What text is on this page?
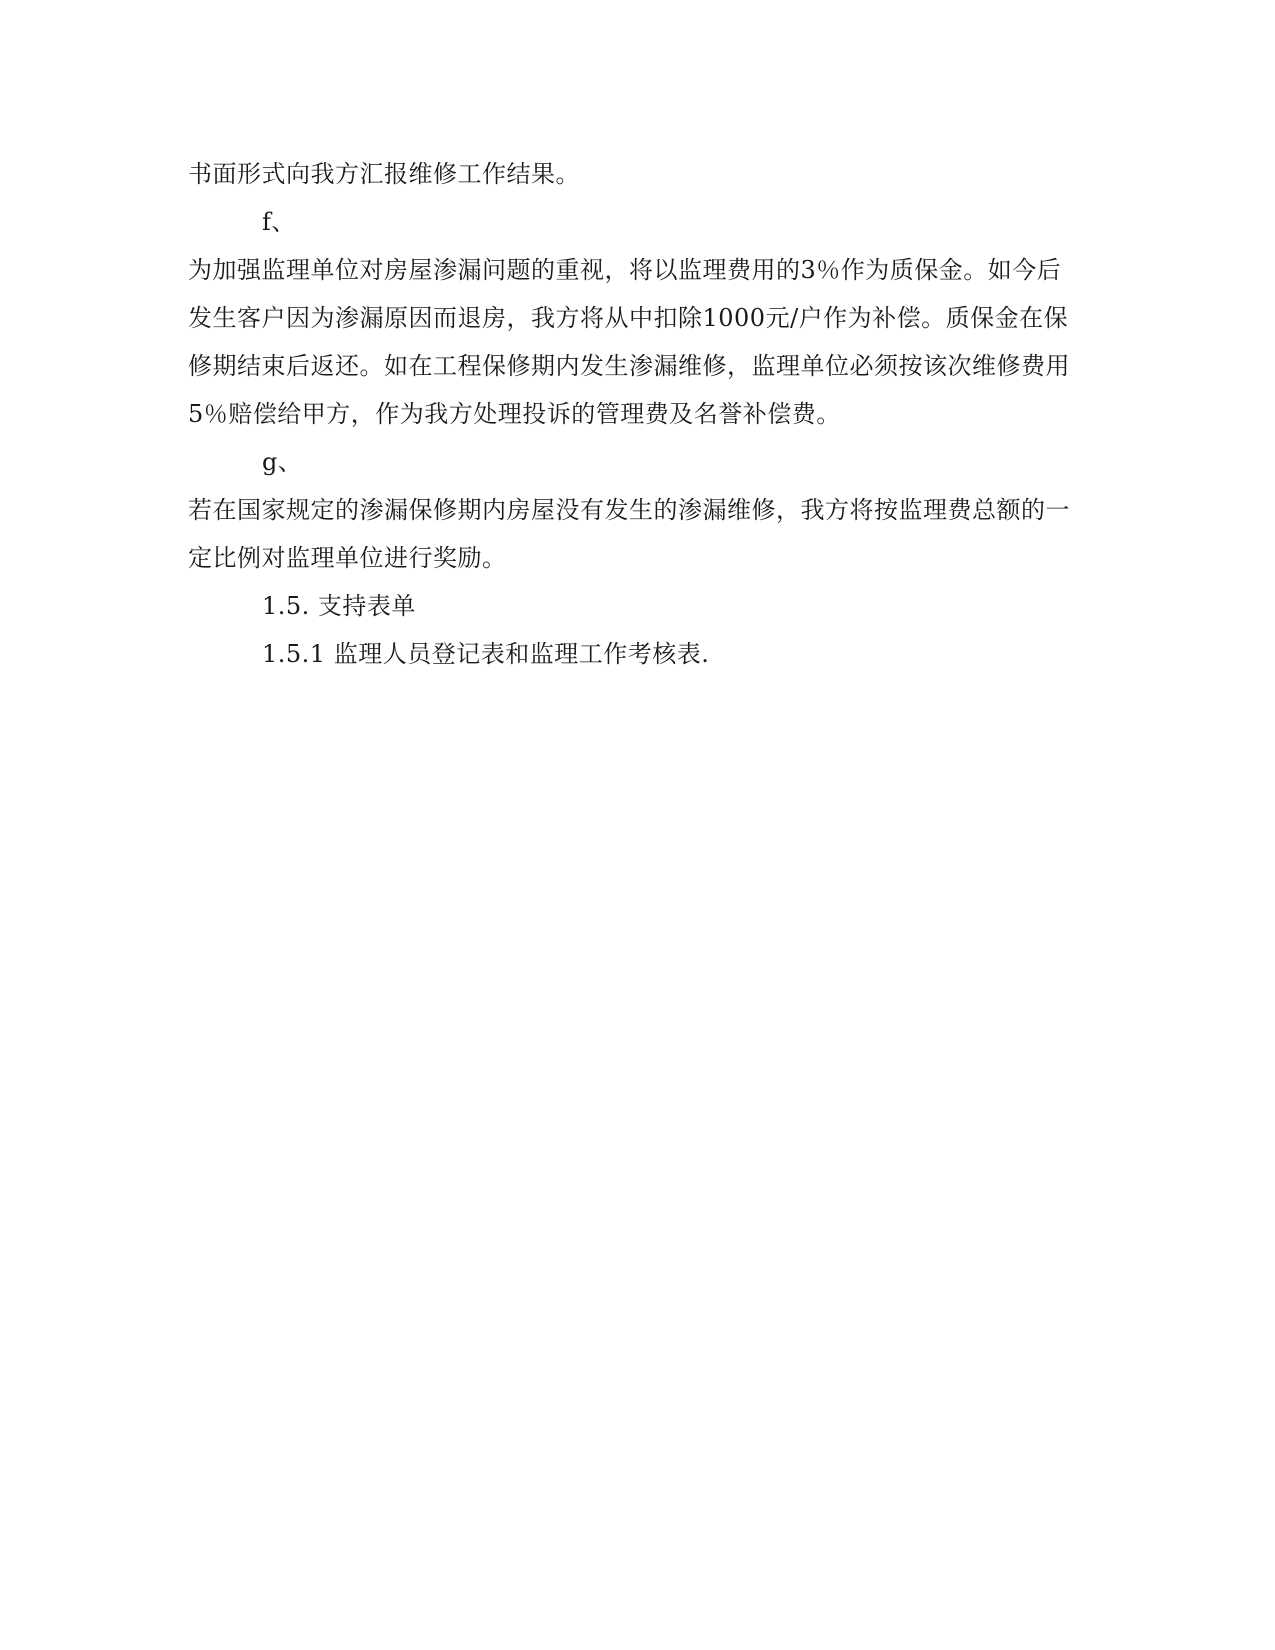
书面形式向我方汇报维修工作结果。
f、
为加强监理单位对房屋渗漏问题的重视，将以监理费用的3％作为质保金。如今后
发生客户因为渗漏原因而退房，我方将从中扣除1000元/户作为补偿。质保金在保
修期结束后返还。如在工程保修期内发生渗漏维修，监理单位必须按该次维修费用
5％赔偿给甲方，作为我方处理投诉的管理费及名誉补偿费。
g、
若在国家规定的渗漏保修期内房屋没有发生的渗漏维修，我方将按监理费总额的一
定比例对监理单位进行奖励。
1.5. 支持表单
1.5.1 监理人员登记表和监理工作考核表.
